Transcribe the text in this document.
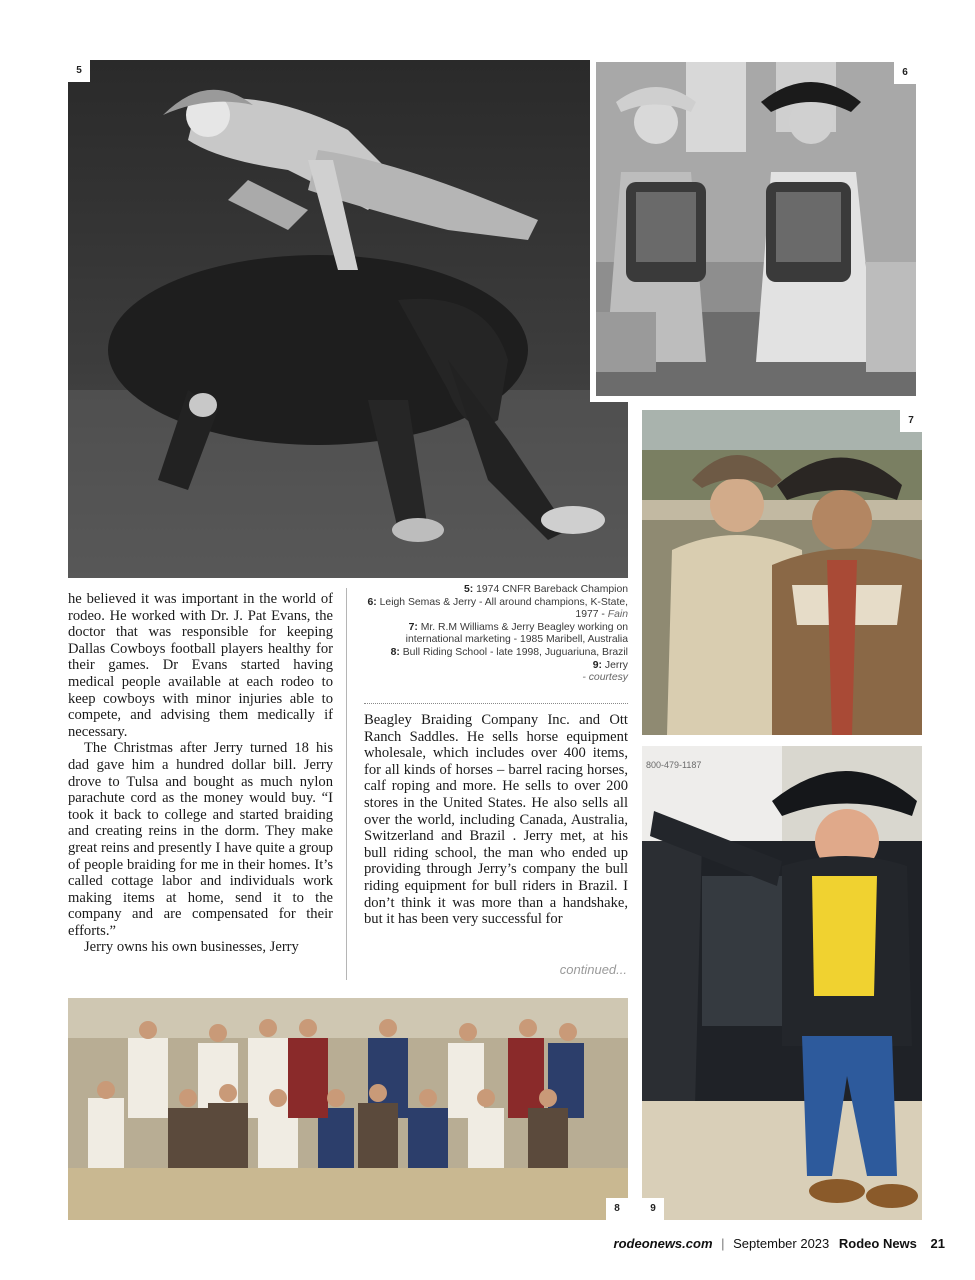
5	6
7
800-479-1187
9
8

he believed it was important in the world of rodeo. He worked with Dr. J. Pat Evans, the doctor that was responsible for keeping Dallas Cowboys football players healthy for their games. Dr Evans started having medical people available at each rodeo to keep cowboys with minor injuries able to compete, and advising them medically if necessary.

The Christmas after Jerry turned 18 his dad gave him a hundred dollar bill. Jerry drove to Tulsa and bought as much nylon parachute cord as the money would buy. “I took it back to college and started braiding and creating reins in the dorm. They make great reins and presently I have quite a group of people braiding for me in their homes. It’s called cottage labor and individuals work making items at home, send it to the company and are compensated for their efforts.”

Jerry owns his own businesses, Jerry

5: 1974 CNFR Bareback Champion
6: Leigh Semas & Jerry - All around champions, K-State, 1977 - Fain
7: Mr. R.M Williams & Jerry Beagley working on international marketing - 1985 Maribell, Australia
8: Bull Riding School - late 1998, Juguariuna, Brazil
9: Jerry
- courtesy

Beagley Braiding Company Inc. and Ott Ranch Saddles. He sells horse equipment wholesale, which includes over 400 items, for all kinds of horses – barrel racing horses, calf roping and more. He sells to over 200 stores in the United States. He also sells all over the world, including Canada, Australia, Switzerland and Brazil . Jerry met, at his bull riding school, the man who ended up providing through Jerry’s company the bull riding equipment for bull riders in Brazil. I don’t think it was more than a handshake, but it has been very successful for

continued...
rodeonews.com | September 2023 Rodeo News 21
